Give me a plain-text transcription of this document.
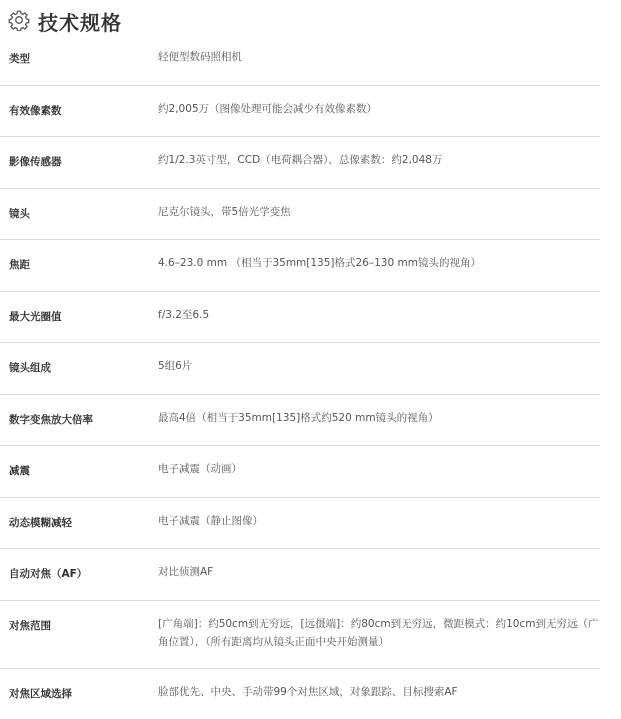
技术规格
类型	轻便型数码照相机
有效像素数	约2,005万（图像处理可能会减少有效像素数）
影像传感器	约1/2.3英寸型，CCD（电荷耦合器），总像素数：约2,048万
镜头	尼克尔镜头，带5倍光学变焦
焦距	4.6–23.0 mm （相当于35mm[135]格式26–130 mm镜头的视角）
最大光圈值	f/3.2至6.5
镜头组成	5组6片
数字变焦放大倍率	最高4倍（相当于35mm[135]格式约520 mm镜头的视角）
减震	电子减震（动画）
动态模糊减轻	电子减震（静止图像）
自动对焦（AF）	对比侦测AF
对焦范围	[广角端]：约50cm到无穷远，[远摄端]：约80cm到无穷远，微距模式：约10cm到无穷远（广角位置），（所有距离均从镜头正面中央开始测量）
对焦区域选择	脸部优先、中央、手动带99个对焦区域，对象跟踪、目标搜索AF
